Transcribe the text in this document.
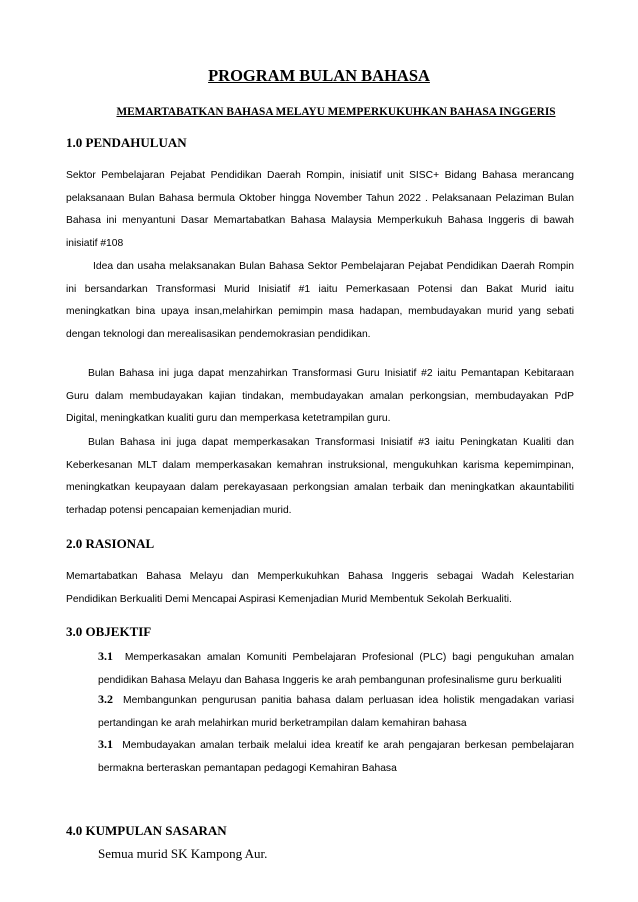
PROGRAM BULAN BAHASA
MEMARTABATKAN BAHASA MELAYU MEMPERKUKUHKAN BAHASA INGGERIS
1.0 PENDAHULUAN

Sektor Pembelajaran Pejabat Pendidikan Daerah Rompin, inisiatif unit SISC+ Bidang Bahasa merancang pelaksanaan Bulan Bahasa bermula Oktober hingga November Tahun 2022 . Pelaksanaan Pelaziman Bulan Bahasa ini menyantuni Dasar Memartabatkan Bahasa Malaysia Memperkukuh Bahasa Inggeris di bawah inisiatif #108

Idea dan usaha melaksanakan Bulan Bahasa Sektor Pembelajaran Pejabat Pendidikan Daerah Rompin ini bersandarkan Transformasi Murid Inisiatif #1 iaitu Pemerkasaan Potensi dan Bakat Murid iaitu meningkatkan bina upaya insan,melahirkan pemimpin masa hadapan, membudayakan murid yang sebati dengan teknologi dan merealisasikan pendemokrasian pendidikan.

Bulan Bahasa ini juga dapat menzahirkan Transformasi Guru Inisiatif #2 iaitu Pemantapan Kebitaraan Guru dalam membudayakan kajian tindakan, membudayakan amalan perkongsian, membudayakan PdP Digital, meningkatkan kualiti guru dan memperkasa ketetrampilan guru.

Bulan Bahasa ini juga dapat memperkasakan Transformasi Inisiatif #3 iaitu Peningkatan Kualiti dan Keberkesanan MLT dalam memperkasakan kemahran instruksional, mengukuhkan karisma kepemimpinan, meningkatkan keupayaan dalam perekayasaan perkongsian amalan terbaik dan meningkatkan akauntabiliti terhadap potensi pencapaian kemenjadian murid.

2.0 RASIONAL

Memartabatkan Bahasa Melayu dan Memperkukuhkan Bahasa Inggeris sebagai Wadah Kelestarian Pendidikan Berkualiti Demi Mencapai Aspirasi Kemenjadian Murid Membentuk Sekolah Berkualiti.

3.0 OBJEKTIF

3.1 Memperkasakan amalan Komuniti Pembelajaran Profesional (PLC) bagi pengukuhan amalan pendidikan Bahasa Melayu dan Bahasa Inggeris ke arah pembangunan profesinalisme guru berkualiti

3.2 Membangunkan pengurusan panitia bahasa dalam perluasan idea holistik mengadakan variasi pertandingan ke arah melahirkan murid berketrampilan dalam kemahiran bahasa

3.1 Membudayakan amalan terbaik melalui idea kreatif ke arah pengajaran berkesan pembelajaran bermakna berteraskan pemantapan pedagogi Kemahiran Bahasa

4.0 KUMPULAN SASARAN
Semua murid SK Kampong Aur.
